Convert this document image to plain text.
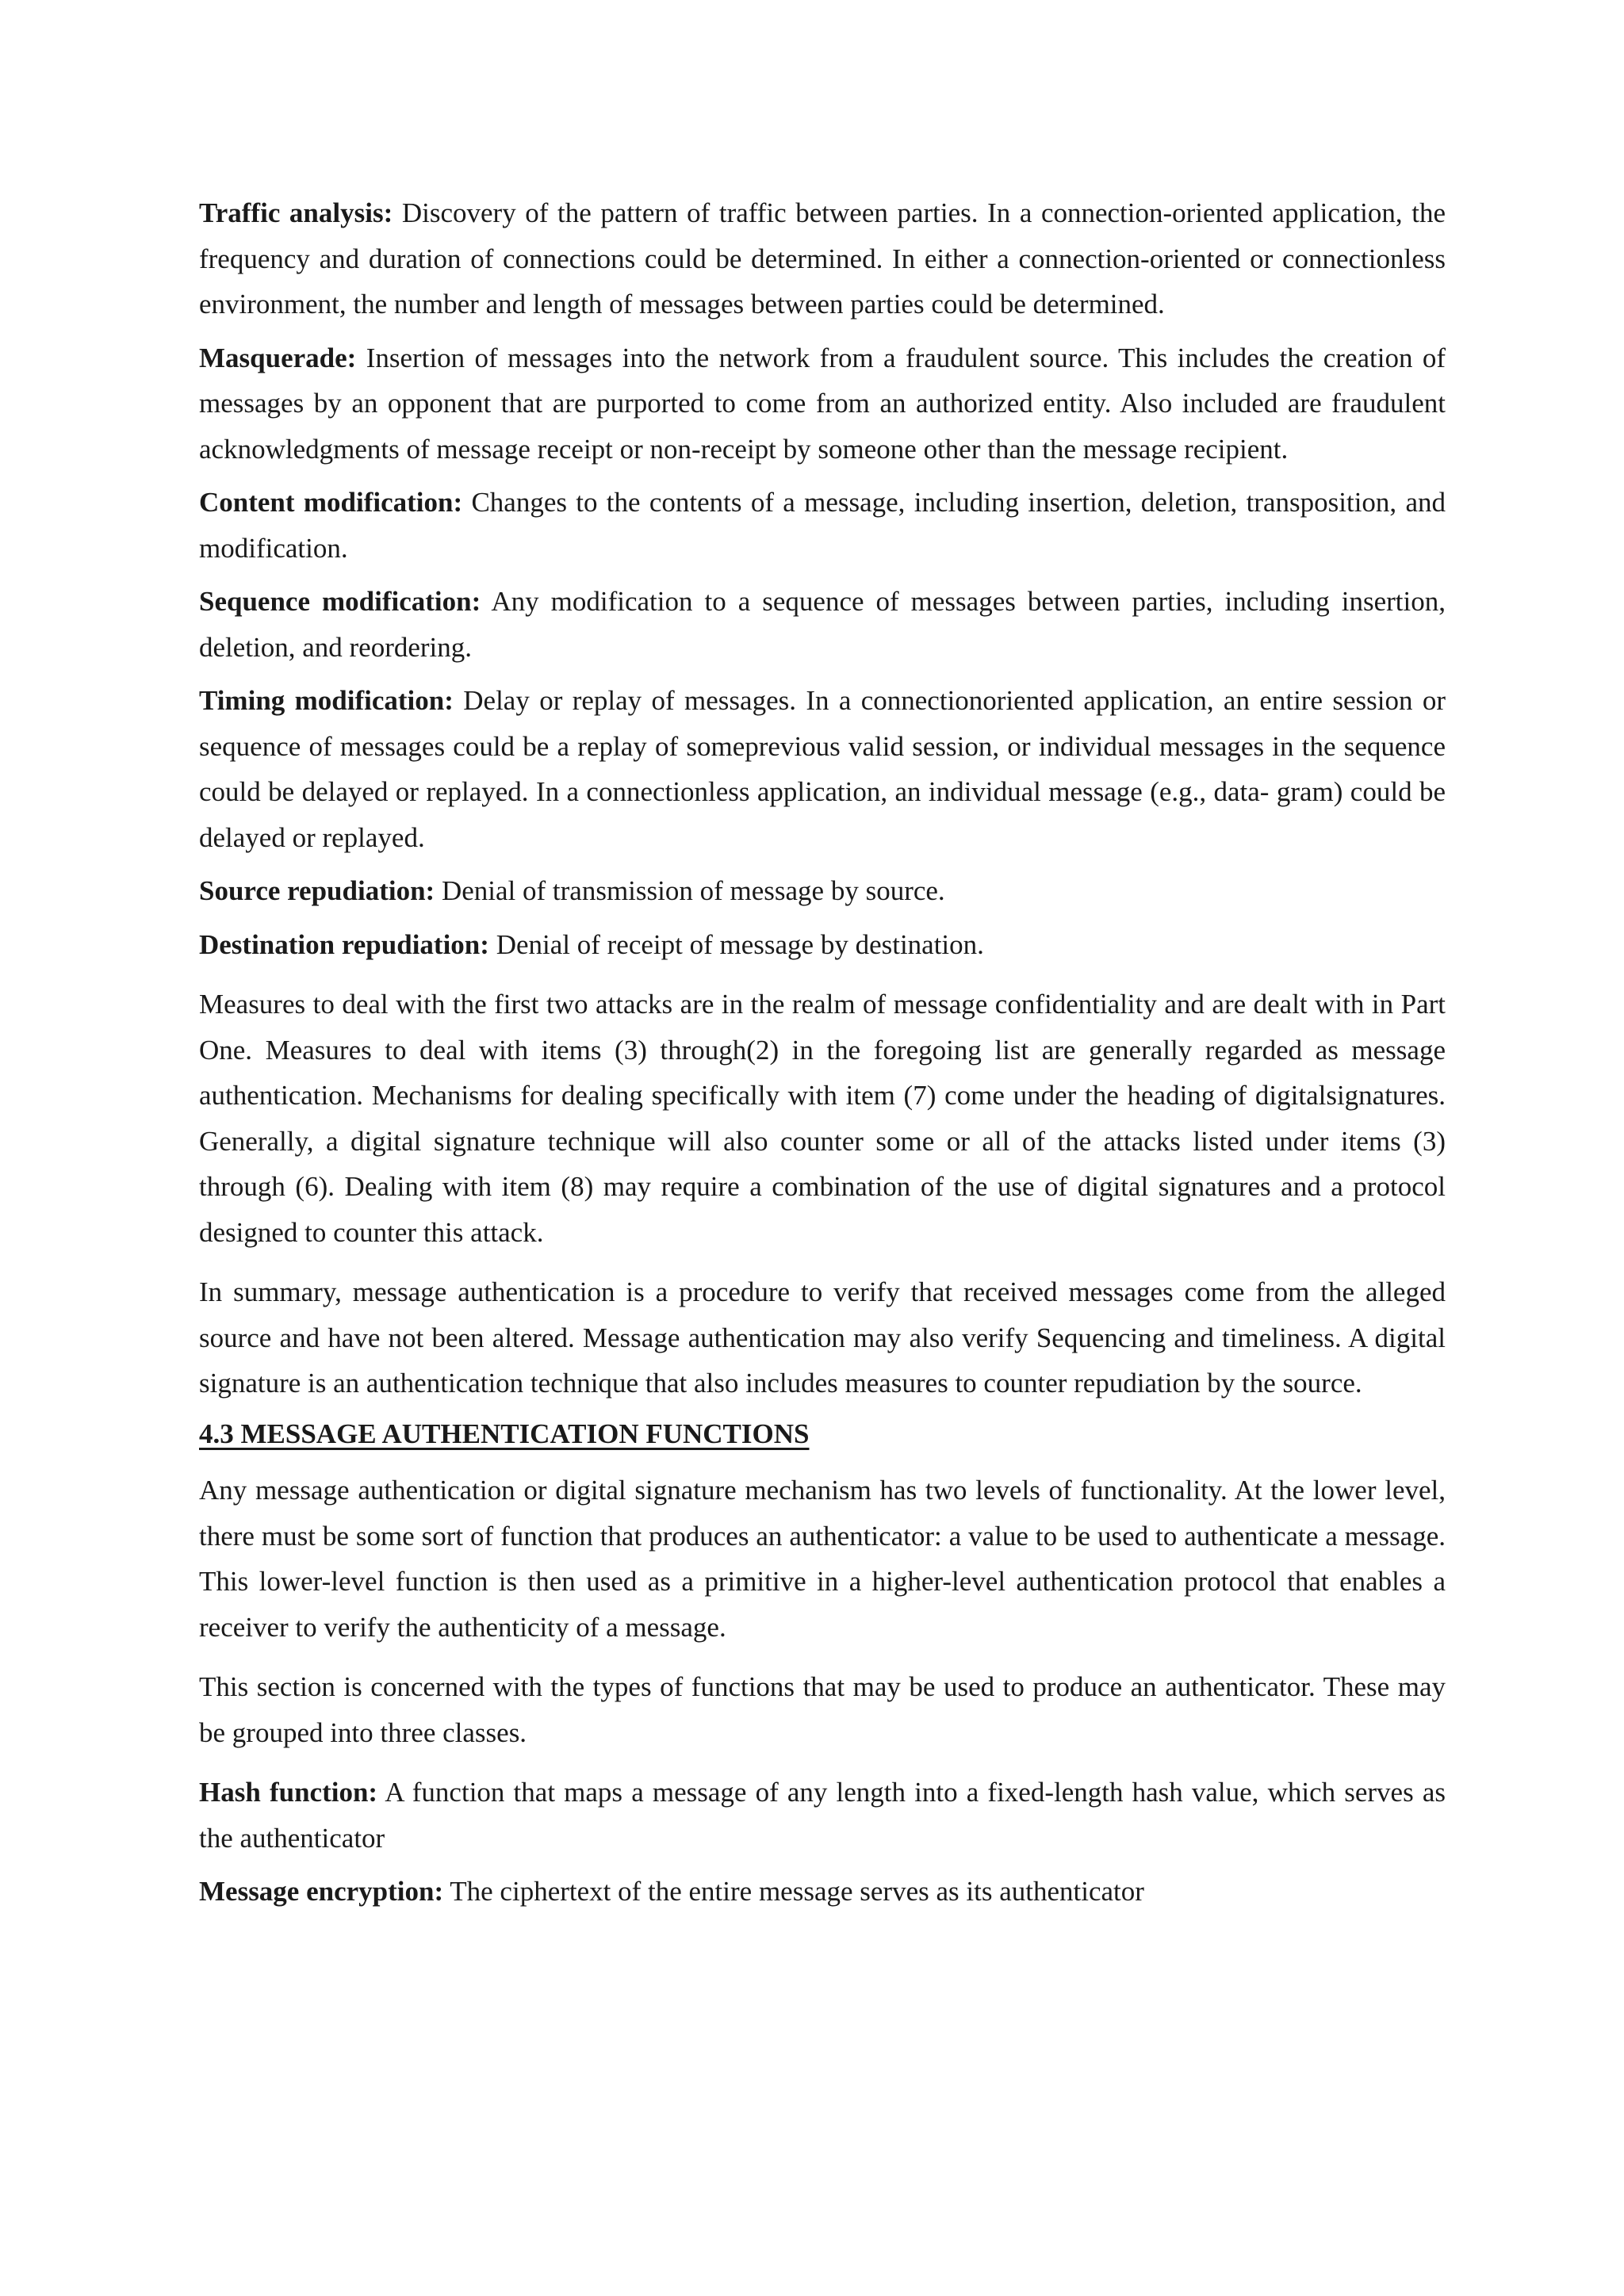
Traffic analysis: Discovery of the pattern of traffic between parties. In a connection-oriented application, the frequency and duration of connections could be determined. In either a connection-oriented or connectionless environment, the number and length of messages between parties could be determined.

Masquerade: Insertion of messages into the network from a fraudulent source. This includes the creation of messages by an opponent that are purported to come from an authorized entity. Also included are fraudulent acknowledgments of message receipt or non-receipt by someone other than the message recipient.

Content modification: Changes to the contents of a message, including insertion, deletion, transposition, and modification.

Sequence modification: Any modification to a sequence of messages between parties, including insertion, deletion, and reordering.

Timing modification: Delay or replay of messages. In a connectionoriented application, an entire session or sequence of messages could be a replay of someprevious valid session, or individual messages in the sequence could be delayed or replayed. In a connectionless application, an individual message (e.g., data- gram) could be delayed or replayed.

Source repudiation: Denial of transmission of message by source.

Destination repudiation: Denial of receipt of message by destination.

Measures to deal with the first two attacks are in the realm of message confidentiality and are dealt with in Part One. Measures to deal with items (3) through(2) in the foregoing list are generally regarded as message authentication. Mechanisms for dealing specifically with item (7) come under the heading of digitalsignatures. Generally, a digital signature technique will also counter some or all of the attacks listed under items (3) through (6). Dealing with item (8) may require a combination of the use of digital signatures and a protocol designed to counter this attack.

In summary, message authentication is a procedure to verify that received messages come from the alleged source and have not been altered. Message authentication may also verify Sequencing and timeliness. A digital signature is an authentication technique that also includes measures to counter repudiation by the source.

4.3 MESSAGE AUTHENTICATION FUNCTIONS

Any message authentication or digital signature mechanism has two levels of functionality. At the lower level, there must be some sort of function that produces an authenticator: a value to be used to authenticate a message. This lower-level function is then used as a primitive in a higher-level authentication protocol that enables a receiver to verify the authenticity of a message.

This section is concerned with the types of functions that may be used to produce an authenticator. These may be grouped into three classes.

Hash function: A function that maps a message of any length into a fixed-length hash value, which serves as the authenticator

Message encryption: The ciphertext of the entire message serves as its authenticator
